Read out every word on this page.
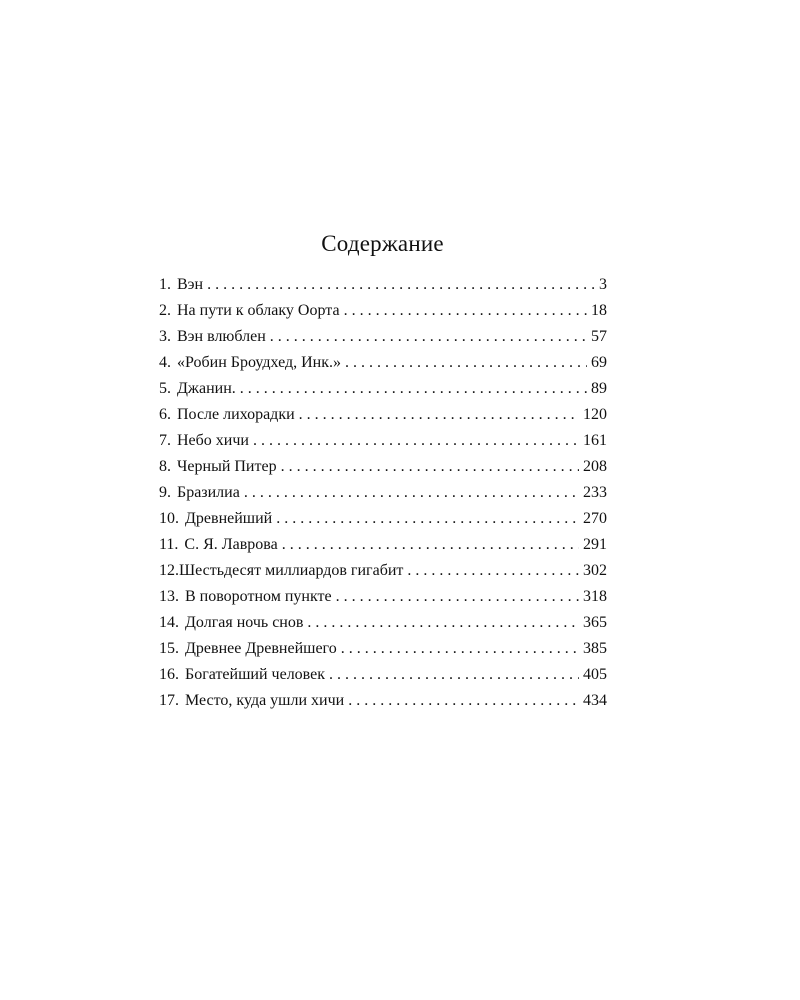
Содержание
1. Вэн . . .	3
2. На пути к облаку Оорта . . .	18
3. Вэн влюблен . . .	57
4. «Робин Броудхед, Инк.» . . .	69
5. Джанин. . . .	89
6. После лихорадки . . .	120
7. Небо хичи . . .	161
8. Черный Питер . . .	208
9. Бразилиа . . .	233
10. Древнейший . . .	270
11. С. Я. Лаврова . . .	291
12. Шестьдесят миллиардов гигабит . . .	302
13. В поворотном пункте . . .	318
14. Долгая ночь снов . . .	365
15. Древнее Древнейшего . . .	385
16. Богатейший человек . . .	405
17. Место, куда ушли хичи . . .	434
